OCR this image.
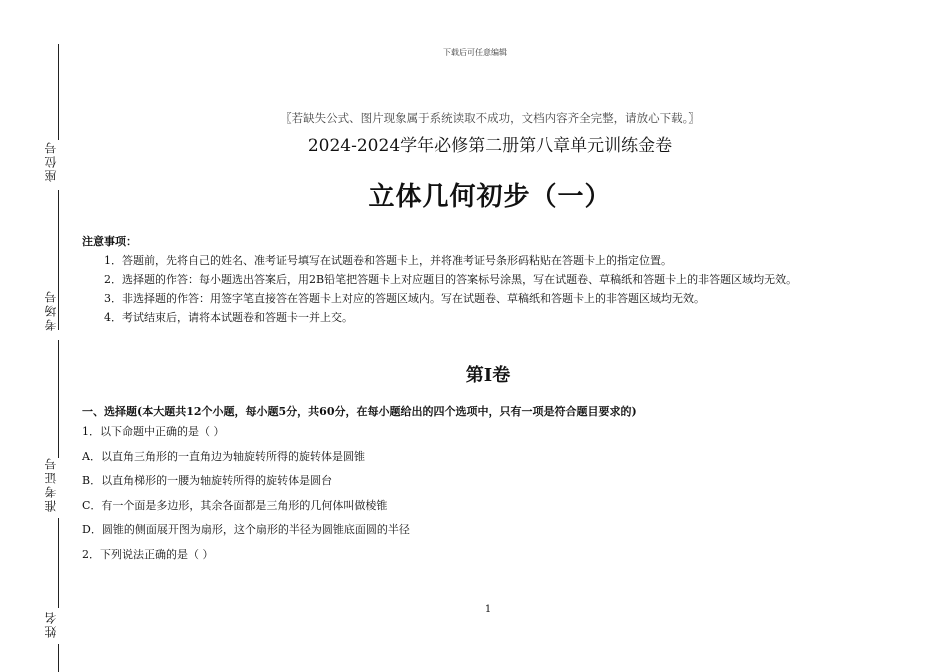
座位号
考场号
准考证号
姓名
下载后可任意编辑
〖若缺失公式、图片现象属于系统读取不成功，文档内容齐全完整，请放心下载。〗
2024-2024学年必修第二册第八章单元训练金卷
立体几何初步（一）
注意事项：

1．答题前，先将自己的姓名、准考证号填写在试题卷和答题卡上，并将准考证号条形码粘贴在答题卡上的指定位置。

2．选择题的作答：每小题选出答案后，用2B铅笔把答题卡上对应题目的答案标号涂黑，写在试题卷、草稿纸和答题卡上的非答题区域均无效。

3．非选择题的作答：用签字笔直接答在答题卡上对应的答题区域内。写在试题卷、草稿纸和答题卡上的非答题区域均无效。

4．考试结束后，请将本试题卷和答题卡一并上交。

第Ⅰ卷
一、选择题(本大题共12个小题，每小题5分，共60分，在每小题给出的四个选项中，只有一项是符合题目要求的)
1．以下命题中正确的是（ ）
A．以直角三角形的一直角边为轴旋转所得的旋转体是圆锥
B．以直角梯形的一腰为轴旋转所得的旋转体是圆台
C．有一个面是多边形，其余各面都是三角形的几何体叫做棱锥
D．圆锥的侧面展开图为扇形，这个扇形的半径为圆锥底面圆的半径
2．下列说法正确的是（ ）
1
